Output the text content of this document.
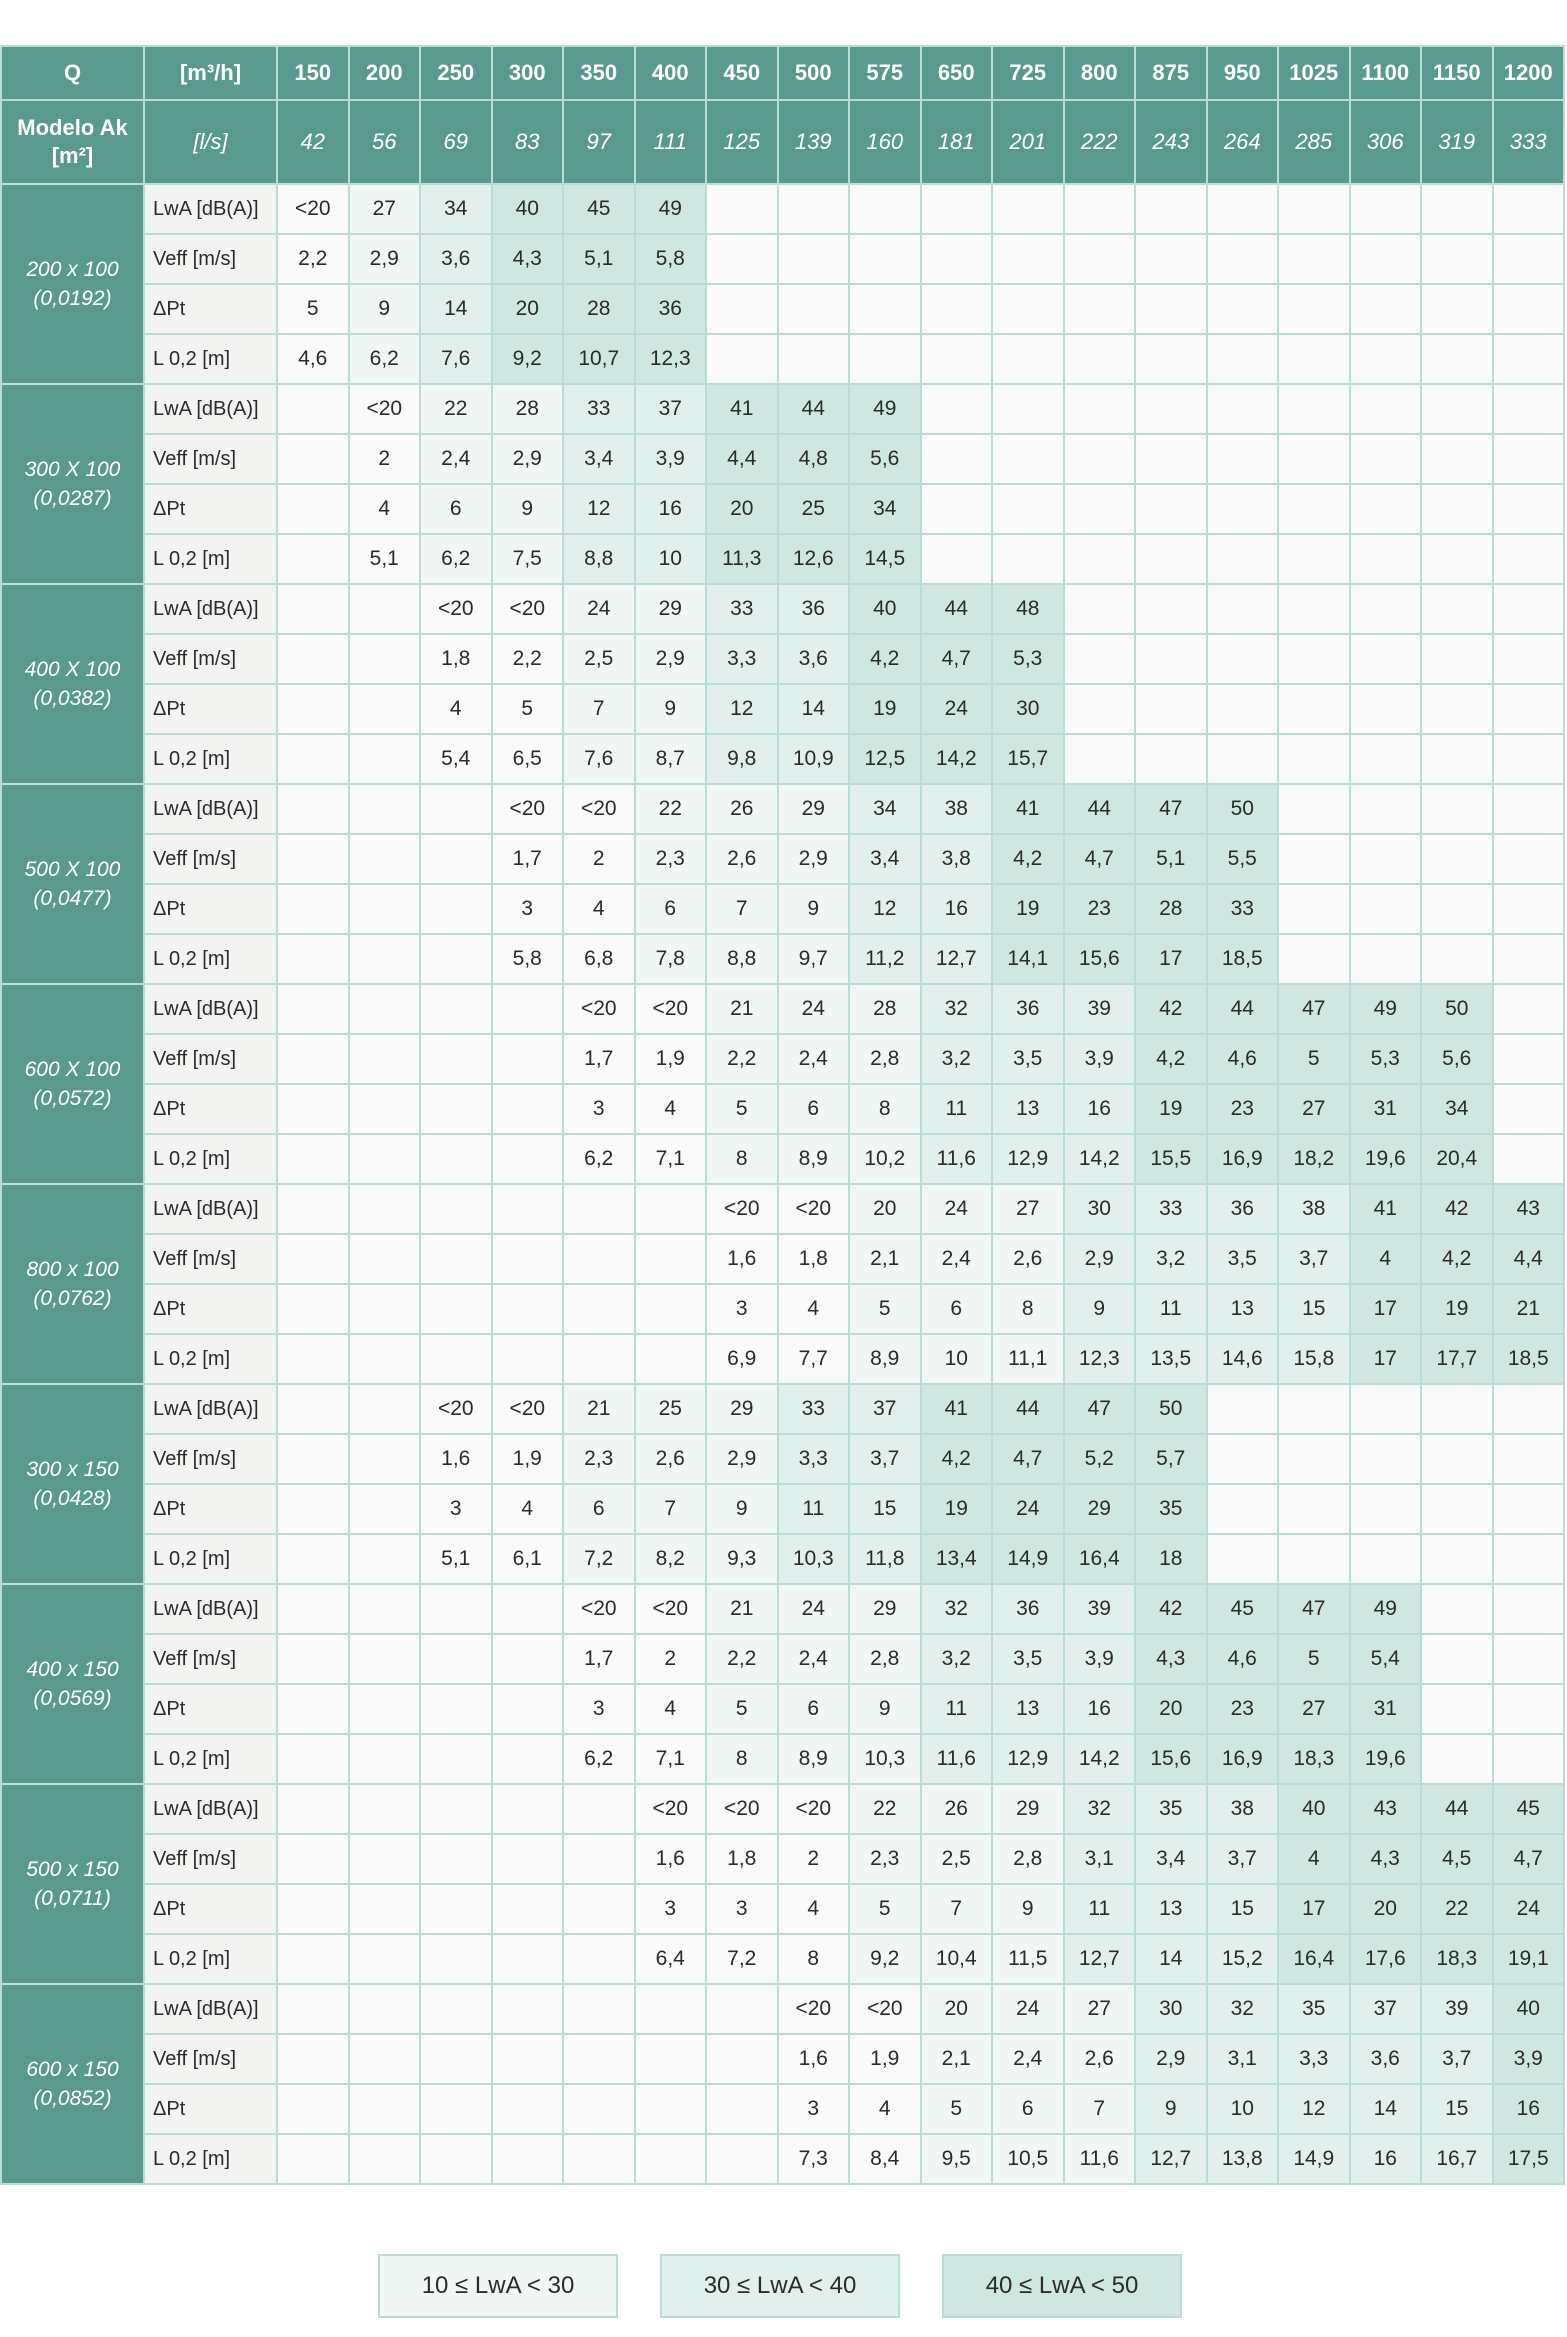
Q	[m³/h]	150	200	250	300	350	400	450	500	575	650	725	800	875	950	1025	1100	1150	1200
Modelo Ak [m²]	[l/s]	42	56	69	83	97	111	125	139	160	181	201	222	243	264	285	306	319	333

200 x 100
(0,0192)	LwA [dB(A)]	<20	27	34	40	45	49												
	Veff [m/s]	2,2	2,9	3,6	4,3	5,1	5,8												
	ΔPt	5	9	14	20	28	36												
	L 0,2 [m]	4,6	6,2	7,6	9,2	10,7	12,3												

300 X 100
(0,0287)	LwA [dB(A)]		<20	22	28	33	37	41	44	49									
	Veff [m/s]		2	2,4	2,9	3,4	3,9	4,4	4,8	5,6									
	ΔPt		4	6	9	12	16	20	25	34									
	L 0,2 [m]		5,1	6,2	7,5	8,8	10	11,3	12,6	14,5									

400 X 100
(0,0382)	LwA [dB(A)]			<20	<20	24	29	33	36	40	44	48							
	Veff [m/s]			1,8	2,2	2,5	2,9	3,3	3,6	4,2	4,7	5,3							
	ΔPt			4	5	7	9	12	14	19	24	30							
	L 0,2 [m]			5,4	6,5	7,6	8,7	9,8	10,9	12,5	14,2	15,7							

500 X 100
(0,0477)	LwA [dB(A)]				<20	<20	22	26	29	34	38	41	44	47	50				
	Veff [m/s]				1,7	2	2,3	2,6	2,9	3,4	3,8	4,2	4,7	5,1	5,5				
	ΔPt				3	4	6	7	9	12	16	19	23	28	33				
	L 0,2 [m]				5,8	6,8	7,8	8,8	9,7	11,2	12,7	14,1	15,6	17	18,5				

600 X 100
(0,0572)	LwA [dB(A)]					<20	<20	21	24	28	32	36	39	42	44	47	49	50	
	Veff [m/s]					1,7	1,9	2,2	2,4	2,8	3,2	3,5	3,9	4,2	4,6	5	5,3	5,6	
	ΔPt					3	4	5	6	8	11	13	16	19	23	27	31	34	
	L 0,2 [m]					6,2	7,1	8	8,9	10,2	11,6	12,9	14,2	15,5	16,9	18,2	19,6	20,4	

800 x 100
(0,0762)	LwA [dB(A)]							<20	<20	20	24	27	30	33	36	38	41	42	43
	Veff [m/s]							1,6	1,8	2,1	2,4	2,6	2,9	3,2	3,5	3,7	4	4,2	4,4
	ΔPt							3	4	5	6	8	9	11	13	15	17	19	21
	L 0,2 [m]							6,9	7,7	8,9	10	11,1	12,3	13,5	14,6	15,8	17	17,7	18,5

300 x 150
(0,0428)	LwA [dB(A)]			<20	<20	21	25	29	33	37	41	44	47	50					
	Veff [m/s]			1,6	1,9	2,3	2,6	2,9	3,3	3,7	4,2	4,7	5,2	5,7					
	ΔPt			3	4	6	7	9	11	15	19	24	29	35					
	L 0,2 [m]			5,1	6,1	7,2	8,2	9,3	10,3	11,8	13,4	14,9	16,4	18					

400 x 150
(0,0569)	LwA [dB(A)]					<20	<20	21	24	29	32	36	39	42	45	47	49		
	Veff [m/s]					1,7	2	2,2	2,4	2,8	3,2	3,5	3,9	4,3	4,6	5	5,4		
	ΔPt					3	4	5	6	9	11	13	16	20	23	27	31		
	L 0,2 [m]					6,2	7,1	8	8,9	10,3	11,6	12,9	14,2	15,6	16,9	18,3	19,6		

500 x 150
(0,0711)	LwA [dB(A)]						<20	<20	<20	22	26	29	32	35	38	40	43	44	45
	Veff [m/s]						1,6	1,8	2	2,3	2,5	2,8	3,1	3,4	3,7	4	4,3	4,5	4,7
	ΔPt						3	3	4	5	7	9	11	13	15	17	20	22	24
	L 0,2 [m]						6,4	7,2	8	9,2	10,4	11,5	12,7	14	15,2	16,4	17,6	18,3	19,1

600 x 150
(0,0852)	LwA [dB(A)]								<20	<20	20	24	27	30	32	35	37	39	40
	Veff [m/s]								1,6	1,9	2,1	2,4	2,6	2,9	3,1	3,3	3,6	3,7	3,9
	ΔPt								3	4	5	6	7	9	10	12	14	15	16
	L 0,2 [m]								7,3	8,4	9,5	10,5	11,6	12,7	13,8	14,9	16	16,7	17,5
10 ≤ LwA < 30	30 ≤ LwA < 40	40 ≤ LwA < 50
